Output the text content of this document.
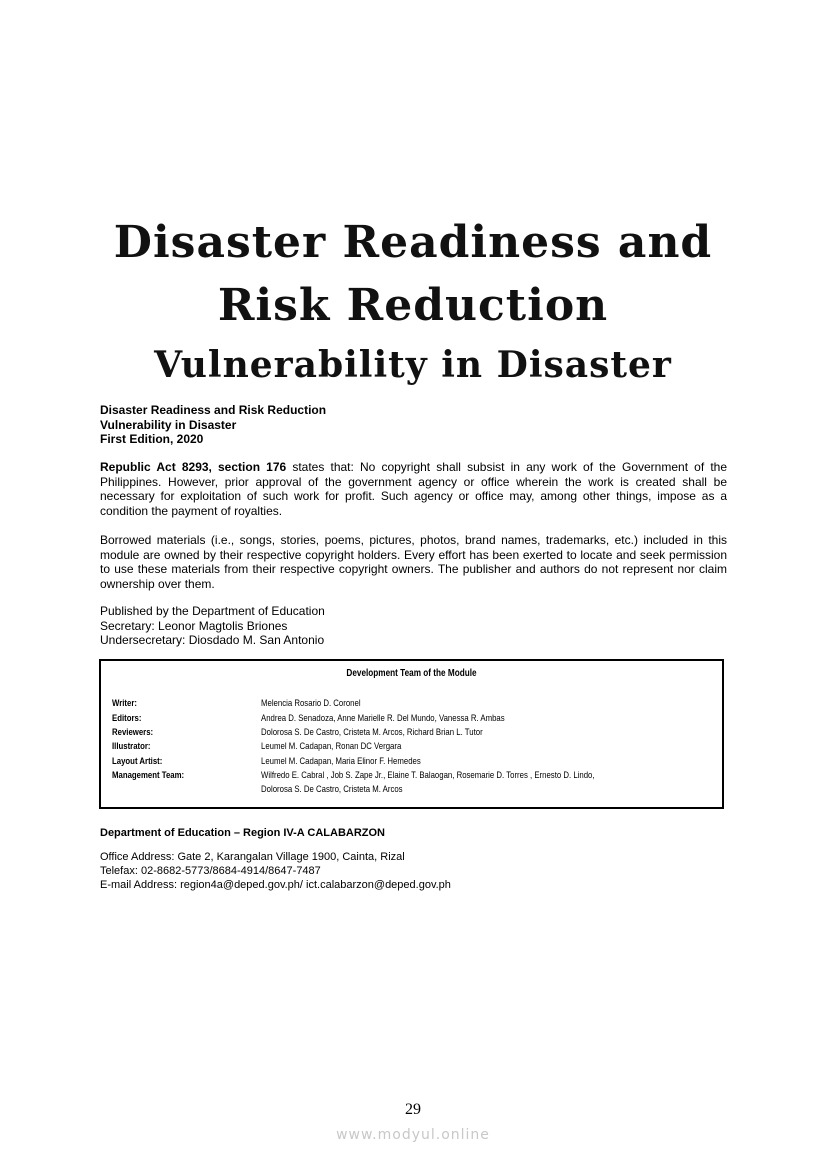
Disaster Readiness and
Risk Reduction
Vulnerability in Disaster
Disaster Readiness and Risk Reduction
Vulnerability in Disaster
First Edition, 2020
Republic Act 8293, section 176 states that: No copyright shall subsist in any work of the Government of the Philippines. However, prior approval of the government agency or office wherein the work is created shall be necessary for exploitation of such work for profit. Such agency or office may, among other things, impose as a condition the payment of royalties.
Borrowed materials (i.e., songs, stories, poems, pictures, photos, brand names, trademarks, etc.) included in this module are owned by their respective copyright holders. Every effort has been exerted to locate and seek permission to use these materials from their respective copyright owners. The publisher and authors do not represent nor claim ownership over them.
Published by the Department of Education
Secretary: Leonor Magtolis Briones
Undersecretary: Diosdado M. San Antonio
Development Team of the Module
Writer:	Melencia Rosario D. Coronel
Editors:	Andrea D. Senadoza, Anne Marielle R. Del Mundo, Vanessa R. Ambas
Reviewers:	Dolorosa S. De Castro, Cristeta M. Arcos, Richard Brian L. Tutor
Illustrator:	Leumel M. Cadapan, Ronan DC Vergara
Layout Artist:	Leumel M. Cadapan, Maria Elinor F. Hemedes
Management Team:	Wilfredo E. Cabral , Job S. Zape Jr., Elaine T. Balaogan, Rosemarie D. Torres , Ernesto D. Lindo,
Dolorosa S. De Castro, Cristeta M. Arcos
Department of Education – Region IV-A CALABARZON
Office Address: Gate 2, Karangalan Village 1900, Cainta, Rizal
Telefax: 02-8682-5773/8684-4914/8647-7487
E-mail Address: region4a@deped.gov.ph/ ict.calabarzon@deped.gov.ph
29
www.modyul.online
